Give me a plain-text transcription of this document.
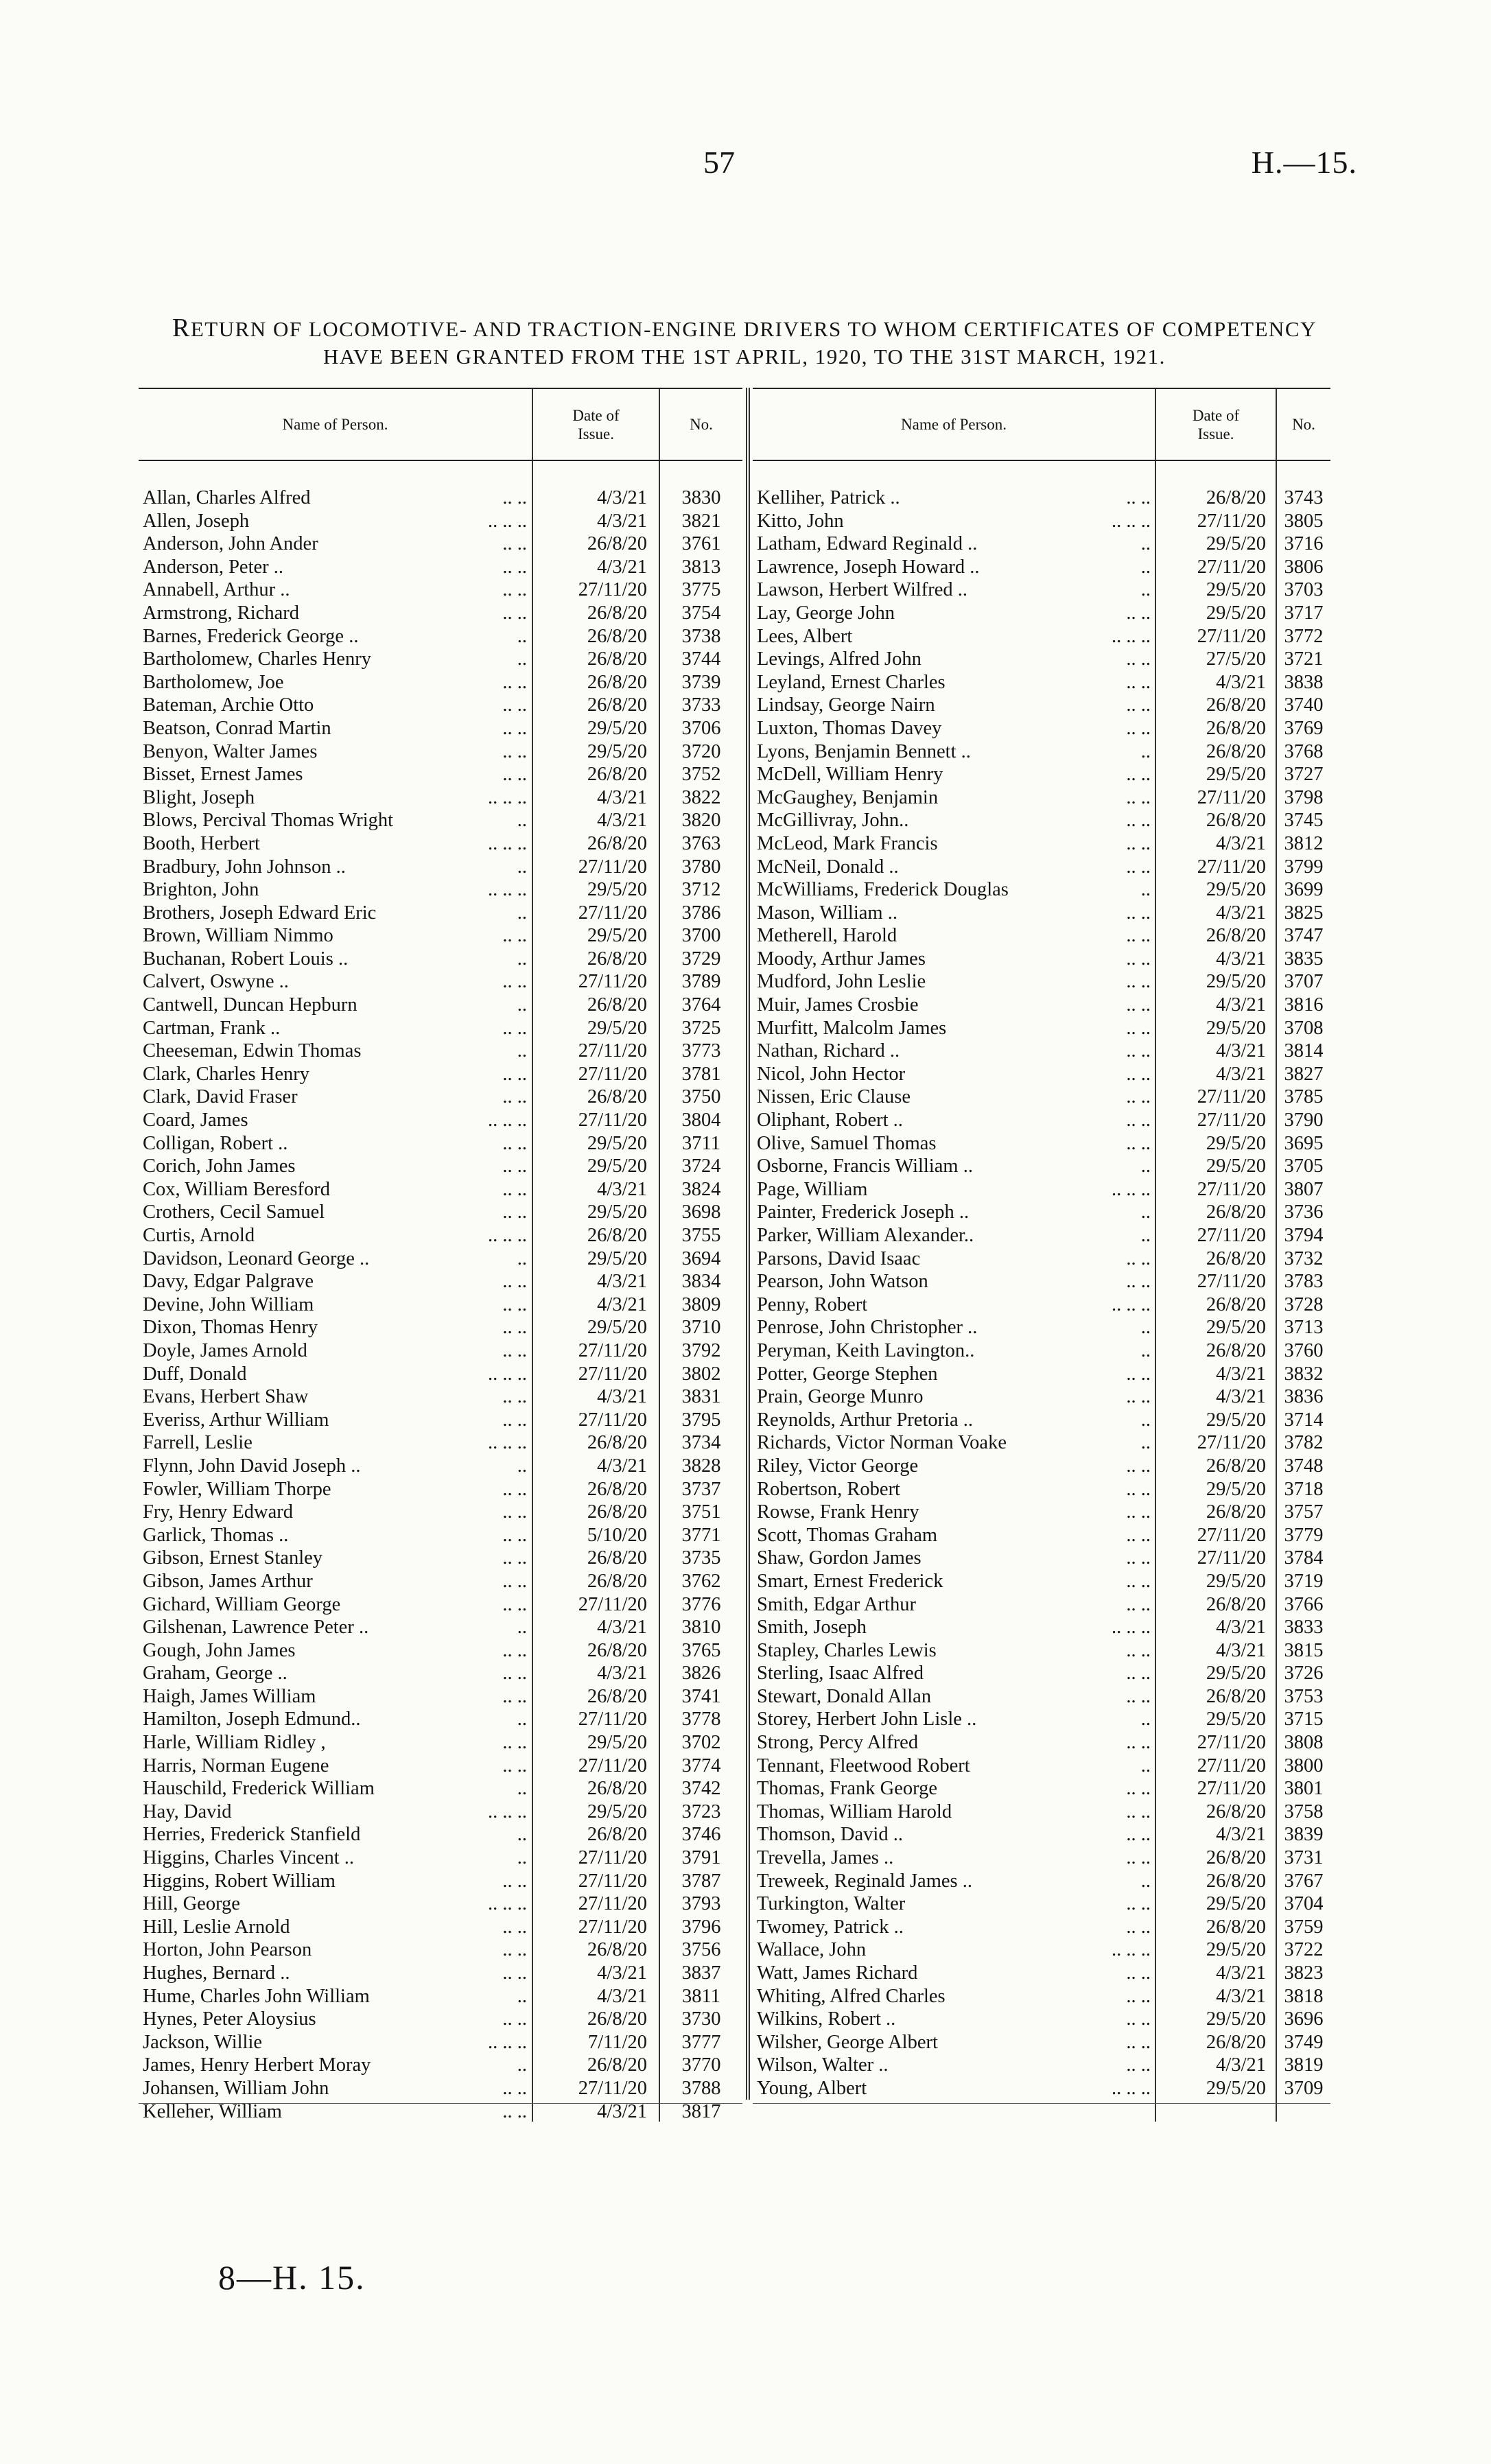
57	H.—15.
RETURN OF LOCOMOTIVE- AND TRACTION-ENGINE DRIVERS TO WHOM CERTIFICATES OF COMPETENCY
HAVE BEEN GRANTED FROM THE 1ST APRIL, 1920, TO THE 31ST MARCH, 1921.
Name of Person.
Date of Issue.
No.
Allan, Charles Alfred	.. ..	4/3/21	3830
Allen, Joseph	.. .. ..	4/3/21	3821
Anderson, John Ander	.. ..	26/8/20	3761
Anderson, Peter ..	.. ..	4/3/21	3813
Annabell, Arthur ..	.. ..	27/11/20	3775
Armstrong, Richard	.. ..	26/8/20	3754
Barnes, Frederick George ..	..	26/8/20	3738
Bartholomew, Charles Henry	..	26/8/20	3744
Bartholomew, Joe	.. ..	26/8/20	3739
Bateman, Archie Otto	.. ..	26/8/20	3733
Beatson, Conrad Martin	.. ..	29/5/20	3706
Benyon, Walter James	.. ..	29/5/20	3720
Bisset, Ernest James	.. ..	26/8/20	3752
Blight, Joseph	.. .. ..	4/3/21	3822
Blows, Percival Thomas Wright	..	4/3/21	3820
Booth, Herbert	.. .. ..	26/8/20	3763
Bradbury, John Johnson ..	..	27/11/20	3780
Brighton, John	.. .. ..	29/5/20	3712
Brothers, Joseph Edward Eric	..	27/11/20	3786
Brown, William Nimmo	.. ..	29/5/20	3700
Buchanan, Robert Louis ..	..	26/8/20	3729
Calvert, Oswyne ..	.. ..	27/11/20	3789
Cantwell, Duncan Hepburn	..	26/8/20	3764
Cartman, Frank ..	.. ..	29/5/20	3725
Cheeseman, Edwin Thomas	..	27/11/20	3773
Clark, Charles Henry	.. ..	27/11/20	3781
Clark, David Fraser	.. ..	26/8/20	3750
Coard, James	.. .. ..	27/11/20	3804
Colligan, Robert ..	.. ..	29/5/20	3711
Corich, John James	.. ..	29/5/20	3724
Cox, William Beresford	.. ..	4/3/21	3824
Crothers, Cecil Samuel	.. ..	29/5/20	3698
Curtis, Arnold	.. .. ..	26/8/20	3755
Davidson, Leonard George ..	..	29/5/20	3694
Davy, Edgar Palgrave	.. ..	4/3/21	3834
Devine, John William	.. ..	4/3/21	3809
Dixon, Thomas Henry	.. ..	29/5/20	3710
Doyle, James Arnold	.. ..	27/11/20	3792
Duff, Donald	.. .. ..	27/11/20	3802
Evans, Herbert Shaw	.. ..	4/3/21	3831
Everiss, Arthur William	.. ..	27/11/20	3795
Farrell, Leslie	.. .. ..	26/8/20	3734
Flynn, John David Joseph ..	..	4/3/21	3828
Fowler, William Thorpe	.. ..	26/8/20	3737
Fry, Henry Edward	.. ..	26/8/20	3751
Garlick, Thomas ..	.. ..	5/10/20	3771
Gibson, Ernest Stanley	.. ..	26/8/20	3735
Gibson, James Arthur	.. ..	26/8/20	3762
Gichard, William George	.. ..	27/11/20	3776
Gilshenan, Lawrence Peter ..	..	4/3/21	3810
Gough, John James	.. ..	26/8/20	3765
Graham, George ..	.. ..	4/3/21	3826
Haigh, James William	.. ..	26/8/20	3741
Hamilton, Joseph Edmund..	..	27/11/20	3778
Harle, William Ridley ,	.. ..	29/5/20	3702
Harris, Norman Eugene	.. ..	27/11/20	3774
Hauschild, Frederick William	..	26/8/20	3742
Hay, David	.. .. ..	29/5/20	3723
Herries, Frederick Stanfield	..	26/8/20	3746
Higgins, Charles Vincent ..	..	27/11/20	3791
Higgins, Robert William	.. ..	27/11/20	3787
Hill, George	.. .. ..	27/11/20	3793
Hill, Leslie Arnold	.. ..	27/11/20	3796
Horton, John Pearson	.. ..	26/8/20	3756
Hughes, Bernard ..	.. ..	4/3/21	3837
Hume, Charles John William	..	4/3/21	3811
Hynes, Peter Aloysius	.. ..	26/8/20	3730
Jackson, Willie	.. .. ..	7/11/20	3777
James, Henry Herbert Moray	..	26/8/20	3770
Johansen, William John	.. ..	27/11/20	3788
Kelleher, William	.. ..	4/3/21	3817
Name of Person.
Date of Issue.
No.
Kelliher, Patrick ..	.. ..	26/8/20 3743
Kitto, John	.. .. ..	27/11/20 3805
Latham, Edward Reginald ..	..	29/5/20 3716
Lawrence, Joseph Howard ..	..	27/11/20 3806
Lawson, Herbert Wilfred ..	..	29/5/20 3703
Lay, George John	.. ..	29/5/20 3717
Lees, Albert	.. .. ..	27/11/20 3772
Levings, Alfred John	.. ..	27/5/20 3721
Leyland, Ernest Charles	.. ..	4/3/21 3838
Lindsay, George Nairn	.. ..	26/8/20 3740
Luxton, Thomas Davey	.. ..	26/8/20 3769
Lyons, Benjamin Bennett ..	..	26/8/20 3768
McDell, William Henry	.. ..	29/5/20 3727
McGaughey, Benjamin	.. ..	27/11/20 3798
McGillivray, John..	.. ..	26/8/20 3745
McLeod, Mark Francis	.. ..	4/3/21 3812
McNeil, Donald ..	.. ..	27/11/20 3799
McWilliams, Frederick Douglas	..	29/5/20 3699
Mason, William ..	.. ..	4/3/21 3825
Metherell, Harold	.. ..	26/8/20 3747
Moody, Arthur James	.. ..	4/3/21 3835
Mudford, John Leslie	.. ..	29/5/20 3707
Muir, James Crosbie	.. ..	4/3/21 3816
Murfitt, Malcolm James	.. ..	29/5/20 3708
Nathan, Richard ..	.. ..	4/3/21 3814
Nicol, John Hector	.. ..	4/3/21 3827
Nissen, Eric Clause	.. ..	27/11/20 3785
Oliphant, Robert ..	.. ..	27/11/20 3790
Olive, Samuel Thomas	.. ..	29/5/20 3695
Osborne, Francis William ..	..	29/5/20 3705
Page, William	.. .. ..	27/11/20 3807
Painter, Frederick Joseph ..	..	26/8/20 3736
Parker, William Alexander..	..	27/11/20 3794
Parsons, David Isaac	.. ..	26/8/20 3732
Pearson, John Watson	.. ..	27/11/20 3783
Penny, Robert	.. .. ..	26/8/20 3728
Penrose, John Christopher ..	..	29/5/20 3713
Peryman, Keith Lavington..	..	26/8/20 3760
Potter, George Stephen	.. ..	4/3/21 3832
Prain, George Munro	.. ..	4/3/21 3836
Reynolds, Arthur Pretoria ..	..	29/5/20 3714
Richards, Victor Norman Voake	..	27/11/20 3782
Riley, Victor George	.. ..	26/8/20 3748
Robertson, Robert	.. ..	29/5/20 3718
Rowse, Frank Henry	.. ..	26/8/20 3757
Scott, Thomas Graham	.. ..	27/11/20 3779
Shaw, Gordon James	.. ..	27/11/20 3784
Smart, Ernest Frederick	.. ..	29/5/20 3719
Smith, Edgar Arthur	.. ..	26/8/20 3766
Smith, Joseph	.. .. ..	4/3/21 3833
Stapley, Charles Lewis	.. ..	4/3/21 3815
Sterling, Isaac Alfred	.. ..	29/5/20 3726
Stewart, Donald Allan	.. ..	26/8/20 3753
Storey, Herbert John Lisle ..	..	29/5/20 3715
Strong, Percy Alfred	.. ..	27/11/20 3808
Tennant, Fleetwood Robert	..	27/11/20 3800
Thomas, Frank George	.. ..	27/11/20 3801
Thomas, William Harold	.. ..	26/8/20 3758
Thomson, David ..	.. ..	4/3/21 3839
Trevella, James ..	.. ..	26/8/20 3731
Treweek, Reginald James ..	..	26/8/20 3767
Turkington, Walter	.. ..	29/5/20 3704
Twomey, Patrick ..	.. ..	26/8/20 3759
Wallace, John	.. .. ..	29/5/20 3722
Watt, James Richard	.. ..	4/3/21 3823
Whiting, Alfred Charles	.. ..	4/3/21 3818
Wilkins, Robert ..	.. ..	29/5/20 3696
Wilsher, George Albert	.. ..	26/8/20 3749
Wilson, Walter ..	.. ..	4/3/21 3819
Young, Albert	.. .. ..	29/5/20 3709
8—H. 15.
